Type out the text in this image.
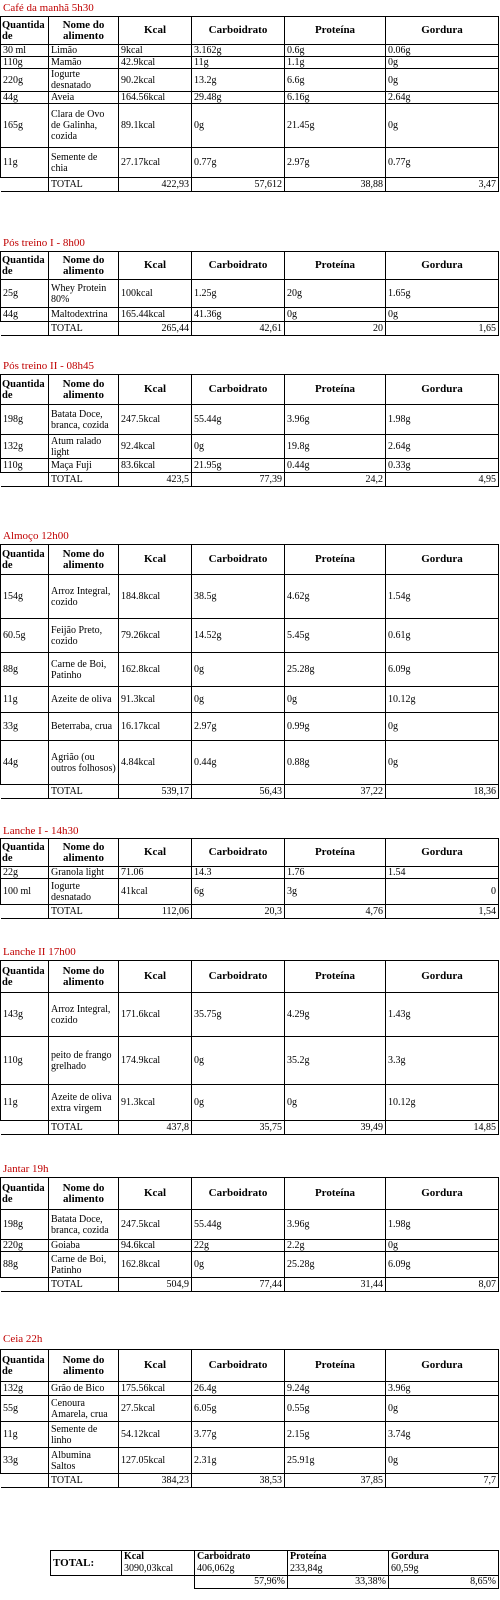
Café da manhã 5h30
Quantida de	Nome do alimento	Kcal	Carboidrato	Proteína	Gordura
30 ml	Limão	9kcal	3.162g	0.6g	0.06g
110g	Mamão	42.9kcal	11g	1.1g	0g
220g	Iogurte desnatado	90.2kcal	13.2g	6.6g	0g
44g	Aveia	164.56kcal	29.48g	6.16g	2.64g
165g	Clara de Ovo de Galinha, cozida	89.1kcal	0g	21.45g	0g
11g	Semente de chia	27.17kcal	0.77g	2.97g	0.77g
	TOTAL	422,93	57,612	38,88	3,47
Pós treino I - 8h00
Quantida de	Nome do alimento	Kcal	Carboidrato	Proteína	Gordura
25g	Whey Protein 80%	100kcal	1.25g	20g	1.65g
44g	Maltodextrina	165.44kcal	41.36g	0g	0g
	TOTAL	265,44	42,61	20	1,65
Pós treino II - 08h45
Quantida de	Nome do alimento	Kcal	Carboidrato	Proteína	Gordura
198g	Batata Doce, branca, cozida	247.5kcal	55.44g	3.96g	1.98g
132g	Atum ralado light	92.4kcal	0g	19.8g	2.64g
110g	Maça Fuji	83.6kcal	21.95g	0.44g	0.33g
	TOTAL	423,5	77,39	24,2	4,95
Almoço 12h00
Quantida de	Nome do alimento	Kcal	Carboidrato	Proteína	Gordura
154g	Arroz Integral, cozido	184.8kcal	38.5g	4.62g	1.54g
60.5g	Feijão Preto, cozido	79.26kcal	14.52g	5.45g	0.61g
88g	Carne de Boi, Patinho	162.8kcal	0g	25.28g	6.09g
11g	Azeite de oliva	91.3kcal	0g	0g	10.12g
33g	Beterraba, crua	16.17kcal	2.97g	0.99g	0g
44g	Agrião (ou outros folhosos)	4.84kcal	0.44g	0.88g	0g
	TOTAL	539,17	56,43	37,22	18,36
Lanche I - 14h30
Quantida de	Nome do alimento	Kcal	Carboidrato	Proteína	Gordura
22g	Granola light	71.06	14.3	1.76	1.54
100 ml	Iogurte desnatado	41kcal	6g	3g	0
	TOTAL	112,06	20,3	4,76	1,54
Lanche II 17h00
Quantida de	Nome do alimento	Kcal	Carboidrato	Proteína	Gordura
143g	Arroz Integral, cozido	171.6kcal	35.75g	4.29g	1.43g
110g	peito de frango grelhado	174.9kcal	0g	35.2g	3.3g
11g	Azeite de oliva extra virgem	91.3kcal	0g	0g	10.12g
	TOTAL	437,8	35,75	39,49	14,85
Jantar 19h
Quantida de	Nome do alimento	Kcal	Carboidrato	Proteína	Gordura
198g	Batata Doce, branca, cozida	247.5kcal	55.44g	3.96g	1.98g
220g	Goiaba	94.6kcal	22g	2.2g	0g
88g	Carne de Boi, Patinho	162.8kcal	0g	25.28g	6.09g
	TOTAL	504,9	77,44	31,44	8,07
Ceia 22h
Quantida de	Nome do alimento	Kcal	Carboidrato	Proteína	Gordura
132g	Grão de Bico	175.56kcal	26.4g	9.24g	3.96g
55g	Cenoura Amarela, crua	27.5kcal	6.05g	0.55g	0g
11g	Semente de linho	54.12kcal	3.77g	2.15g	3.74g
33g	Albumina Saltos	127.05kcal	2.31g	25.91g	0g
	TOTAL	384,23	38,53	37,85	7,7
TOTAL:	Kcal	Carboidrato	Proteína	Gordura
	3090,03kcal	406,062g	233,84g	60,59g
		57,96%	33,38%	8,65%
